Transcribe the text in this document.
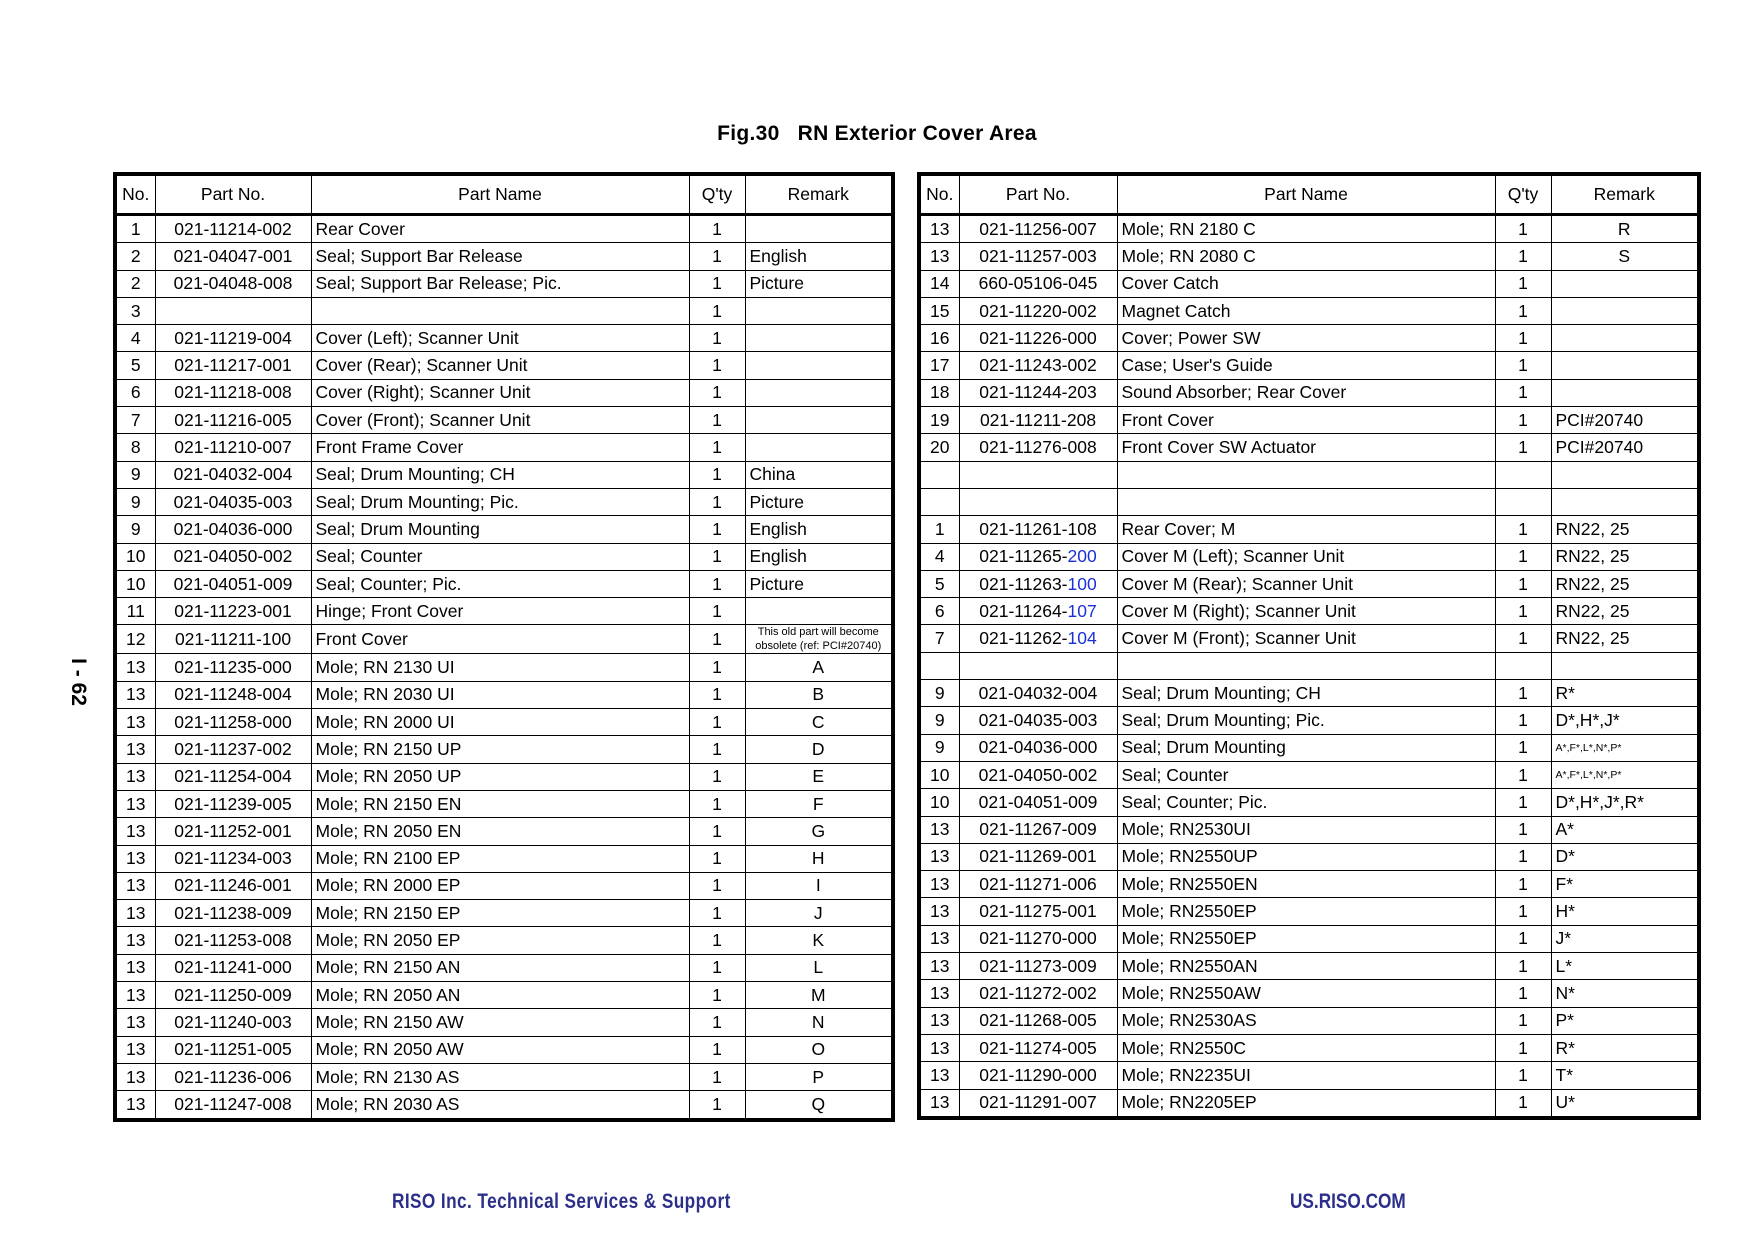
Fig.30 RN Exterior Cover Area
I - 62
No.	Part No.	Part Name	Q'ty	Remark
1	021-11214-002	Rear Cover	1	
2	021-04047-001	Seal; Support Bar Release	1	English
2	021-04048-008	Seal; Support Bar Release; Pic.	1	Picture
3			1	
4	021-11219-004	Cover (Left); Scanner Unit	1	
5	021-11217-001	Cover (Rear); Scanner Unit	1	
6	021-11218-008	Cover (Right); Scanner Unit	1	
7	021-11216-005	Cover (Front); Scanner Unit	1	
8	021-11210-007	Front Frame Cover	1	
9	021-04032-004	Seal; Drum Mounting; CH	1	China
9	021-04035-003	Seal; Drum Mounting; Pic.	1	Picture
9	021-04036-000	Seal; Drum Mounting	1	English
10	021-04050-002	Seal; Counter	1	English
10	021-04051-009	Seal; Counter; Pic.	1	Picture
11	021-11223-001	Hinge; Front Cover	1	
12	021-11211-100	Front Cover	1	This old part will become obsolete (ref: PCI#20740)
13	021-11235-000	Mole; RN 2130 UI	1	A
13	021-11248-004	Mole; RN 2030 UI	1	B
13	021-11258-000	Mole; RN 2000 UI	1	C
13	021-11237-002	Mole; RN 2150 UP	1	D
13	021-11254-004	Mole; RN 2050 UP	1	E
13	021-11239-005	Mole; RN 2150 EN	1	F
13	021-11252-001	Mole; RN 2050 EN	1	G
13	021-11234-003	Mole; RN 2100 EP	1	H
13	021-11246-001	Mole; RN 2000 EP	1	I
13	021-11238-009	Mole; RN 2150 EP	1	J
13	021-11253-008	Mole; RN 2050 EP	1	K
13	021-11241-000	Mole; RN 2150 AN	1	L
13	021-11250-009	Mole; RN 2050 AN	1	M
13	021-11240-003	Mole; RN 2150 AW	1	N
13	021-11251-005	Mole; RN 2050 AW	1	O
13	021-11236-006	Mole; RN 2130 AS	1	P
13	021-11247-008	Mole; RN 2030 AS	1	Q
No.	Part No.	Part Name	Q'ty	Remark
13	021-11256-007	Mole; RN 2180 C	1	R
13	021-11257-003	Mole; RN 2080 C	1	S
14	660-05106-045	Cover Catch	1	
15	021-11220-002	Magnet Catch	1	
16	021-11226-000	Cover; Power SW	1	
17	021-11243-002	Case; User's Guide	1	
18	021-11244-203	Sound Absorber; Rear Cover	1	
19	021-11211-208	Front Cover	1	PCI#20740
20	021-11276-008	Front Cover SW Actuator	1	PCI#20740

1	021-11261-108	Rear Cover; M	1	RN22, 25
4	021-11265-200	Cover M (Left); Scanner Unit	1	RN22, 25
5	021-11263-100	Cover M (Rear); Scanner Unit	1	RN22, 25
6	021-11264-107	Cover M (Right); Scanner Unit	1	RN22, 25
7	021-11262-104	Cover M (Front); Scanner Unit	1	RN22, 25

9	021-04032-004	Seal; Drum Mounting; CH	1	R*
9	021-04035-003	Seal; Drum Mounting; Pic.	1	D*,H*,J*
9	021-04036-000	Seal; Drum Mounting	1	A*,F*,L*,N*,P*
10	021-04050-002	Seal; Counter	1	A*,F*,L*,N*,P*
10	021-04051-009	Seal; Counter; Pic.	1	D*,H*,J*,R*
13	021-11267-009	Mole; RN2530UI	1	A*
13	021-11269-001	Mole; RN2550UP	1	D*
13	021-11271-006	Mole; RN2550EN	1	F*
13	021-11275-001	Mole; RN2550EP	1	H*
13	021-11270-000	Mole; RN2550EP	1	J*
13	021-11273-009	Mole; RN2550AN	1	L*
13	021-11272-002	Mole; RN2550AW	1	N*
13	021-11268-005	Mole; RN2530AS	1	P*
13	021-11274-005	Mole; RN2550C	1	R*
13	021-11290-000	Mole; RN2235UI	1	T*
13	021-11291-007	Mole; RN2205EP	1	U*
RISO Inc. Technical Services & Support	US.RISO.COM
